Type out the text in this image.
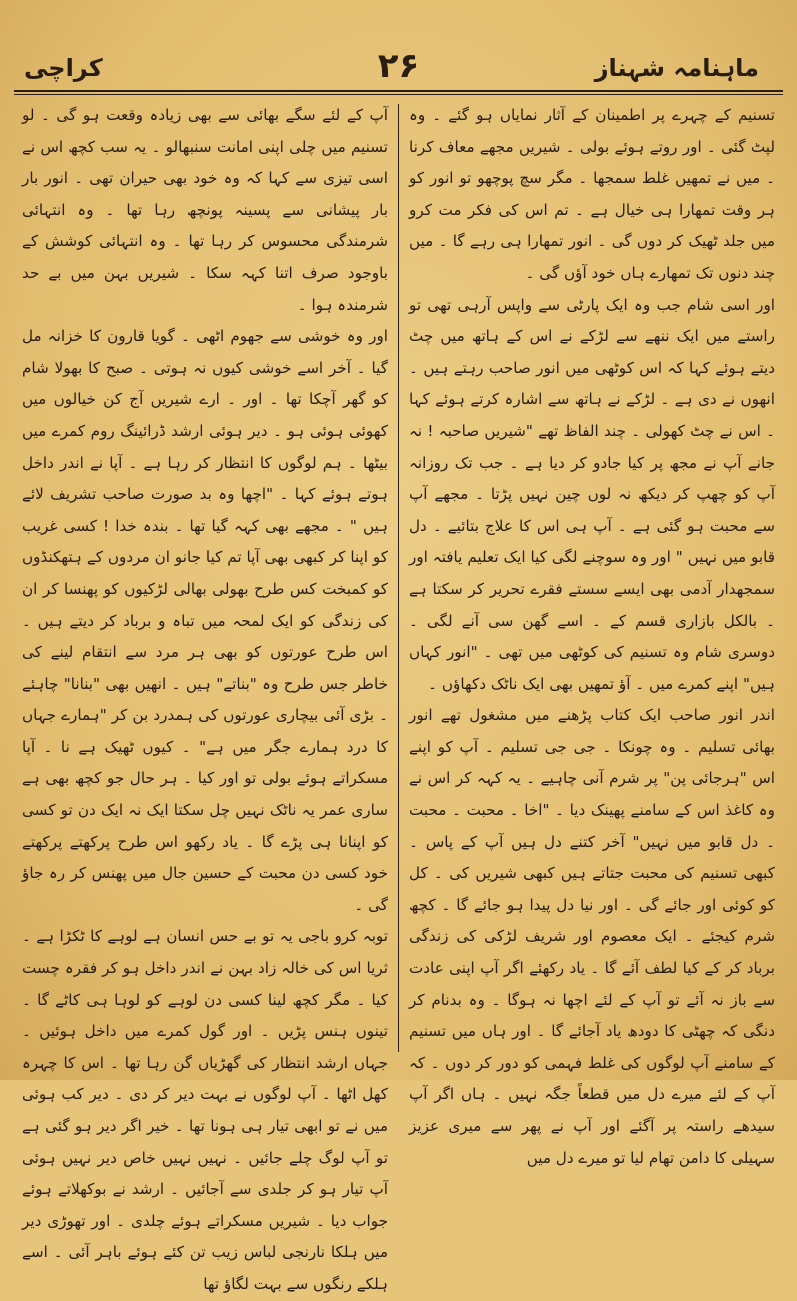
کراچی	۲۶	ماہنامہ شہناز

آپ کے لئے سگے بھائی سے بھی زیادہ وقعت ہو گی ۔ لو تسنیم میں چلی اپنی امانت سنبھالو ۔ یہ سب کچھ اس نے اسی تیزی سے کہا کہ وہ خود بھی حیران تھی ۔ انور بار بار پیشانی سے پسینہ پونچھ رہا تھا ۔ وہ انتہائی شرمندگی محسوس کر رہا تھا ۔ وہ انتہائی کوشش کے باوجود صرف اتنا کہہ سکا ۔ شیریں بہن میں بے حد شرمندہ ہوا ۔

اور وہ خوشی سے جھوم اٹھی ۔ گویا قارون کا خزانہ مل گیا ۔ آخر اسے خوشی کیوں نہ ہوتی ۔ صبح کا بھولا شام کو گھر آچکا تھا ۔ اور ۔ ارے شیریں آج کن خیالوں میں کھوئی ہوئی ہو ۔ دیر ہوئی ارشد ڈرائینگ روم کمرے میں بیٹھا ۔ ہم لوگوں کا انتظار کر رہا ہے ۔ آپا نے اندر داخل ہوتے ہوئے کہا ۔ "اچھا وہ بد صورت صاحب تشریف لائے ہیں " ۔ مجھے بھی کہہ گیا تھا ۔ بندہ خدا ! کسی غریب کو اپنا کر کبھی بھی آپا تم کیا جانو ان مردوں کے ہتھکنڈوں کو کمبخت کس طرح بھولی بھالی لڑکیوں کو پھنسا کر ان کی زندگی کو ایک لمحہ میں تباہ و برباد کر دیتے ہیں ۔ اس طرح عورتوں کو بھی ہر مرد سے انتقام لینے کی خاطر جس طرح وہ "بناتے" ہیں ۔ انھیں بھی "بنانا" چاہئے ۔ بڑی آئی بیچاری عورتوں کی ہمدرد بن کر "ہمارے جہاں کا درد ہمارے جگر میں ہے" ۔ کیوں ٹھیک ہے نا ۔ آپا مسکراتے ہوئے بولی تو اور کیا ۔ ہر حال جو کچھ بھی ہے ساری عمر یہ ناٹک نہیں چل سکتا ایک نہ ایک دن تو کسی کو اپنانا ہی پڑے گا ۔ یاد رکھو اس طرح پرکھتے پرکھتے خود کسی دن محبت کے حسین جال میں پھنس کر رہ جاؤ گی ۔

توبہ کرو باجی یہ تو بے حس انسان ہے لوہے کا ٹکڑا ہے ۔ ثریا اس کی خالہ زاد بہن نے اندر داخل ہو کر فقرہ چست کیا ۔ مگر کچھ لینا کسی دن لوہے کو لوہا ہی کاٹے گا ۔ تینوں ہنس پڑیں ۔ اور گول کمرے میں داخل ہوئیں ۔ جہاں ارشد انتظار کی گھڑیاں گن رہا تھا ۔ اس کا چہرہ کھل اٹھا ۔ آپ لوگوں نے بہت دیر کر دی ۔ دیر کب ہوئی میں نے تو ابھی تیار ہی ہونا تھا ۔ خیر اگر دیر ہو گئی ہے تو آپ لوگ چلے جائیں ۔ نہیں نہیں خاص دیر نہیں ہوئی آپ تیار ہو کر جلدی سے آجائیں ۔ ارشد نے بوکھلاتے ہوئے جواب دیا ۔ شیریں مسکراتے ہوئے چلدی ۔ اور تھوڑی دیر میں ہلکا نارنجی لباس زیب تن کئے ہوئے باہر آئی ۔ اسے ہلکے رنگوں سے بہت لگاؤ تھا

تسنیم کے چہرے پر اطمینان کے آثار نمایاں ہو گئے ۔ وہ لپٹ گئی ۔ اور روتے ہوئے بولی ۔ شیریں مجھے معاف کرنا ۔ میں نے تمھیں غلط سمجھا ۔ مگر سچ پوچھو تو انور کو ہر وقت تمھارا ہی خیال ہے ۔ تم اس کی فکر مت کرو میں جلد ٹھیک کر دوں گی ۔ انور تمھارا ہی رہے گا ۔ میں چند دنوں تک تمھارے ہاں خود آؤں گی ۔

اور اسی شام جب وہ ایک پارٹی سے واپس آرہی تھی تو راستے میں ایک ننھے سے لڑکے نے اس کے ہاتھ میں چٹ دیتے ہوئے کہا کہ اس کوٹھی میں انور صاحب رہتے ہیں ۔ انھوں نے دی ہے ۔ لڑکے نے ہاتھ سے اشارہ کرتے ہوئے کہا ۔ اس نے چٹ کھولی ۔ چند الفاظ تھے "شیریں صاحبہ ! نہ جانے آپ نے مجھ پر کیا جادو کر دیا ہے ۔ جب تک روزانہ آپ کو چھپ کر دیکھ نہ لوں چین نہیں پڑتا ۔ مجھے آپ سے محبت ہو گئی ہے ۔ آپ ہی اس کا علاج بتائیے ۔ دل قابو میں نہیں " اور وہ سوچنے لگی کیا ایک تعلیم یافتہ اور سمجھدار آدمی بھی ایسے سستے فقرے تحریر کر سکتا ہے ۔ بالکل بازاری قسم کے ۔ اسے گھن سی آنے لگی ۔ دوسری شام وہ تسنیم کی کوٹھی میں تھی ۔ "انور کہاں ہیں" اپنے کمرے میں ۔ آؤ تمھیں بھی ایک ناٹک دکھاؤں ۔

اندر انور صاحب ایک کتاب پڑھنے میں مشغول تھے انور بھائی تسلیم ۔ وہ چونکا ۔ جی جی تسلیم ۔ آپ کو اپنے اس "ہرجائی پن" پر شرم آنی چاہیے ۔ یہ کہہ کر اس نے وہ کاغذ اس کے سامنے پھینک دیا ۔ "اخا ۔ محبت ۔ محبت ۔ دل قابو میں نہیں" آخر کتنے دل ہیں آپ کے پاس ۔ کبھی تسنیم کی محبت جتاتے ہیں کبھی شیریں کی ۔ کل کو کوئی اور جائے گی ۔ اور نیا دل پیدا ہو جائے گا ۔ کچھ شرم کیجئے ۔ ایک معصوم اور شریف لڑکی کی زندگی برباد کر کے کیا لطف آئے گا ۔ یاد رکھئے اگر آپ اپنی عادت سے باز نہ آئے تو آپ کے لئے اچھا نہ ہوگا ۔ وہ بدنام کر دنگی کہ چھٹی کا دودھ یاد آجائے گا ۔ اور ہاں میں تسنیم کے سامنے آپ لوگوں کی غلط فہمی کو دور کر دوں ۔ کہ آپ کے لئے میرے دل میں قطعاً جگہ نہیں ۔ ہاں اگر آپ سیدھے راستہ پر آگئے اور آپ نے پھر سے میری عزیز سہیلی کا دامن تھام لیا تو میرے دل میں
